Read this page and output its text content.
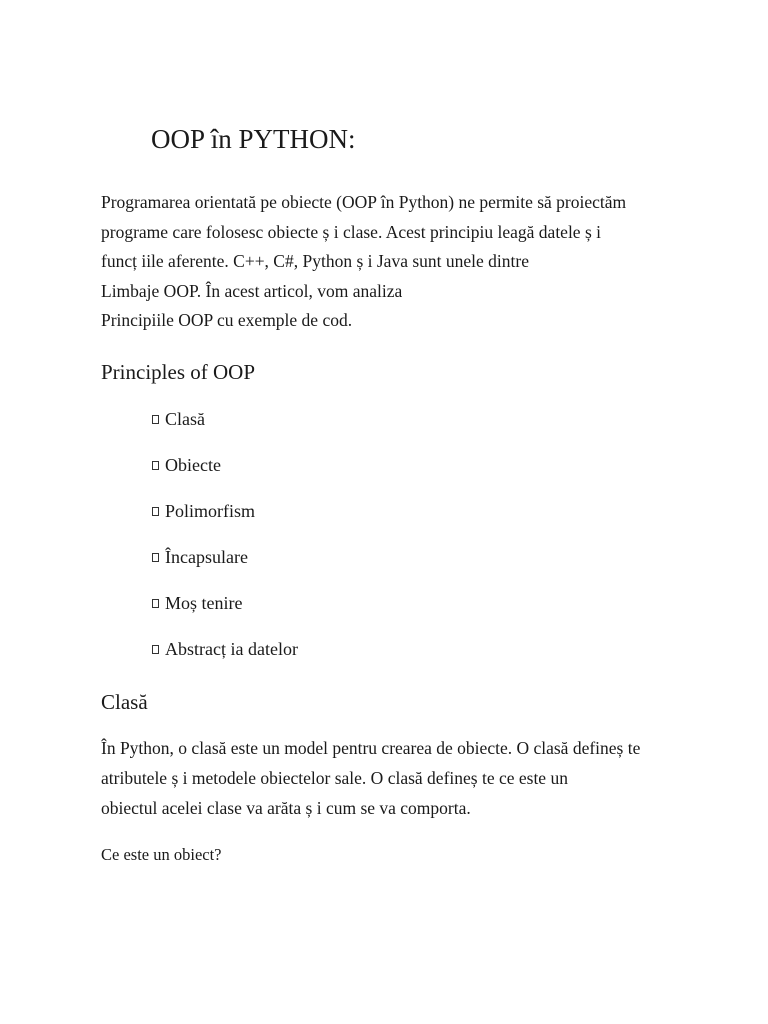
OOP în PYTHON:

Programarea orientată pe obiecte (OOP în Python) ne permite să proiectăm
programe care folosesc obiecte ș i clase. Acest principiu leagă datele ș i
funcț iile aferente. C++, C#, Python ș i Java sunt unele dintre
Limbaje OOP. În acest articol, vom analiza
Principiile OOP cu exemple de cod.

Principles of OOP
Clasă
Obiecte
Polimorfism
Încapsulare
Moș tenire
Abstracț ia datelor
Clasă

În Python, o clasă este un model pentru crearea de obiecte. O clasă defineș te
atributele ș i metodele obiectelor sale. O clasă defineș te ce este un
obiectul acelei clase va arăta ș i cum se va comporta.

Ce este un obiect?
